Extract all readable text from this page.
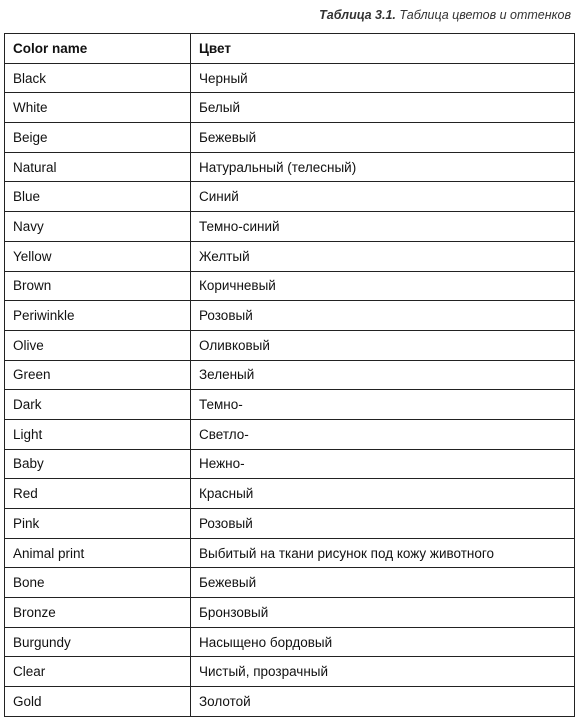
Таблица 3.1. Таблица цветов и оттенков
Color name	Цвет
Black	Черный
White	Белый
Beige	Бежевый
Natural	Натуральный (телесный)
Blue	Синий
Navy	Темно-синий
Yellow	Желтый
Brown	Коричневый
Periwinkle	Розовый
Olive	Оливковый
Green	Зеленый
Dark	Темно-
Light	Светло-
Baby	Нежно-
Red	Красный
Pink	Розовый
Animal print	Выбитый на ткани рисунок под кожу животного
Bone	Бежевый
Bronze	Бронзовый
Burgundy	Насыщено бордовый
Clear	Чистый, прозрачный
Gold	Золотой
